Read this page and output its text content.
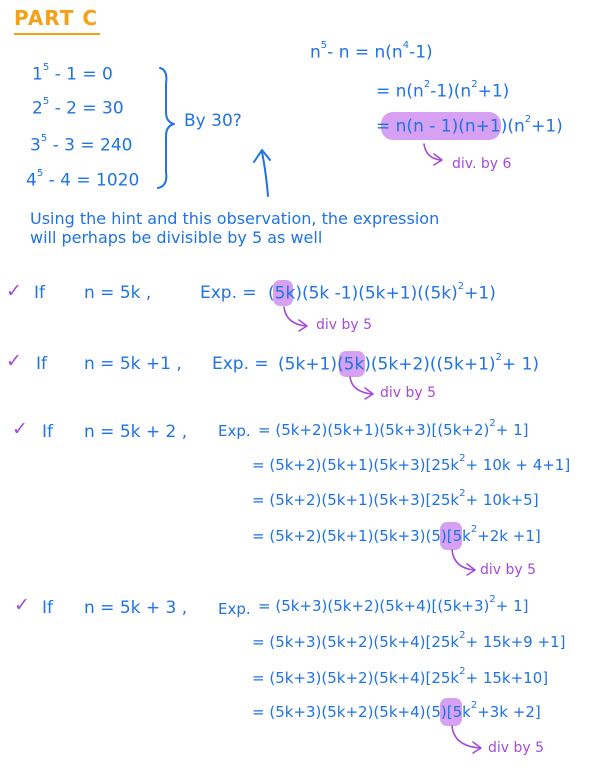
PART C
$1^5 - 1 = 0$
$2^5 - 2 = 30$
$3^5 - 3 = 240$
$4^5 - 4 = 1020$
By 30?
$n^5-$ $n = n(n^4-1)$
= $n(n^2-1)(n^2+1)$
= $n(n - 1)(n+1)(n^2+1)$
div. by 6
Using the hint and this observation, the expression
will perhaps be divisible by 5 as well
✓ If n = 5k ,	Exp. = (5k)(5k $-1)(5k+1)((5k)^2+1)$
div by 5
✓ If n = 5k +1 , Exp. = $(5k+1)(5k)(5k+2)((5k+1)^2+ 1)$
div by 5
✓ If n = 5k + 2 , Exp. = $(5k+2)(5k+1)(5k+3)[(5k+2)^2+ 1]$
= $(5k+2)(5k+1)(5k+3)[25k^2+ 10k + 4+1]$
= $(5k+2)(5k+1)(5k+3)[25k^2+ 10k+5]$
= $(5k+2)(5k+1)(5k+3)(5)[5k^2+2k +1]$
div by 5
✓ If n = 5k + 3 , Exp. = $(5k+3)(5k+2)(5k+4)[(5k+3)^2+ 1]$
= $(5k+3)(5k+2)(5k+4)[25k^2+ 15k+9 +1]$
= $(5k+3)(5k+2)(5k+4)[25k^2+ 15k+10]$
= $(5k+3)(5k+2)(5k+4)(5)[5k^2+3k +2]$
div by 5
